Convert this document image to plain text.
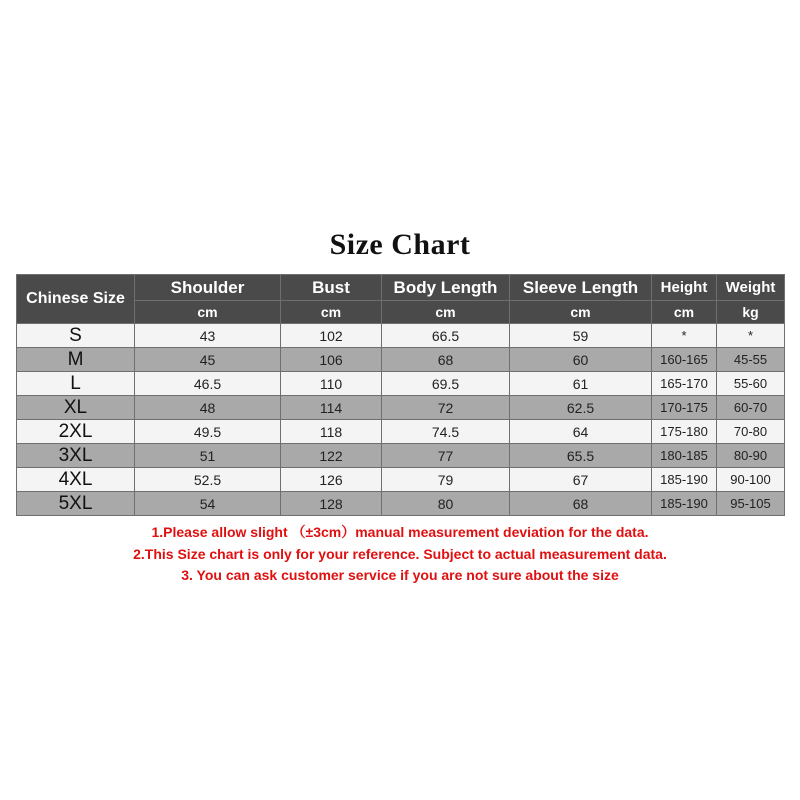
Size Chart
Chinese Size	Shoulder	Bust	Body Length	Sleeve Length	Height	Weight
	cm	cm	cm	cm	cm	kg
S	43	102	66.5	59	*	*
M	45	106	68	60	160-165	45-55
L	46.5	110	69.5	61	165-170	55-60
XL	48	114	72	62.5	170-175	60-70
2XL	49.5	118	74.5	64	175-180	70-80
3XL	51	122	77	65.5	180-185	80-90
4XL	52.5	126	79	67	185-190	90-100
5XL	54	128	80	68	185-190	95-105
1.Please allow slight （±3cm）manual measurement deviation for the data.
2.This Size chart is only for your reference. Subject to actual measurement data.
3. You can ask customer service if you are not sure about the size
